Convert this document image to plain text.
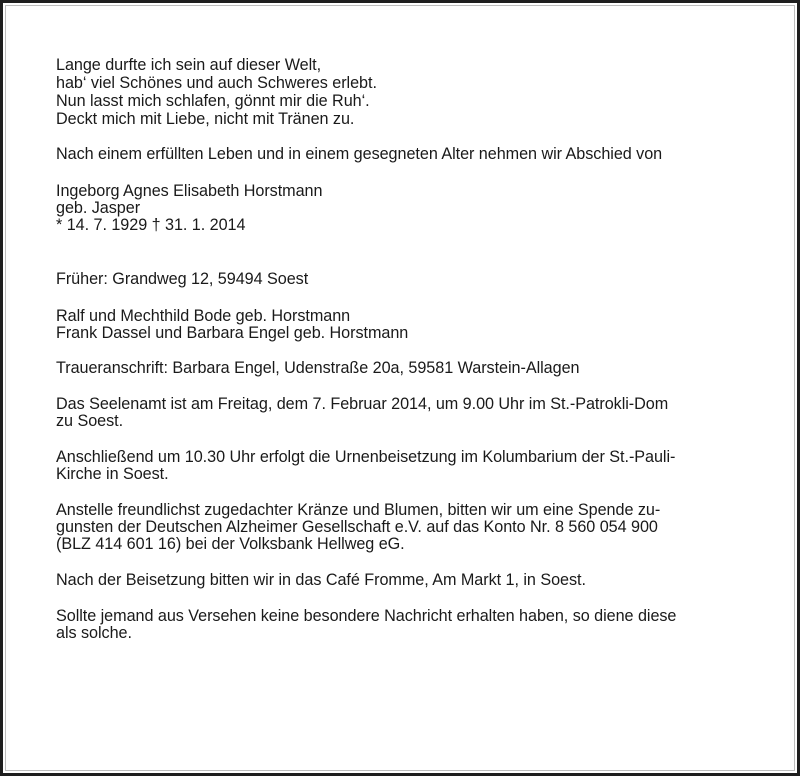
Lange durfte ich sein auf dieser Welt,
hab‘ viel Schönes und auch Schweres erlebt.
Nun lasst mich schlafen, gönnt mir die Ruh‘.
Deckt mich mit Liebe, nicht mit Tränen zu.
Nach einem erfüllten Leben und in einem gesegneten Alter nehmen wir Abschied von
Ingeborg Agnes Elisabeth Horstmann
geb. Jasper
* 14. 7. 1929 † 31. 1. 2014
Früher: Grandweg 12, 59494 Soest
Ralf und Mechthild Bode geb. Horstmann
Frank Dassel und Barbara Engel geb. Horstmann
Traueranschrift: Barbara Engel, Udenstraße 20a, 59581 Warstein-Allagen
Das Seelenamt ist am Freitag, dem 7. Februar 2014, um 9.00 Uhr im St.-Patrokli-Dom
zu Soest.
Anschließend um 10.30 Uhr erfolgt die Urnenbeisetzung im Kolumbarium der St.-Pauli-
Kirche in Soest.
Anstelle freundlichst zugedachter Kränze und Blumen, bitten wir um eine Spende zu-
gunsten der Deutschen Alzheimer Gesellschaft e.V. auf das Konto Nr. 8 560 054 900
(BLZ 414 601 16) bei der Volksbank Hellweg eG.
Nach der Beisetzung bitten wir in das Café Fromme, Am Markt 1, in Soest.
Sollte jemand aus Versehen keine besondere Nachricht erhalten haben, so diene diese
als solche.
